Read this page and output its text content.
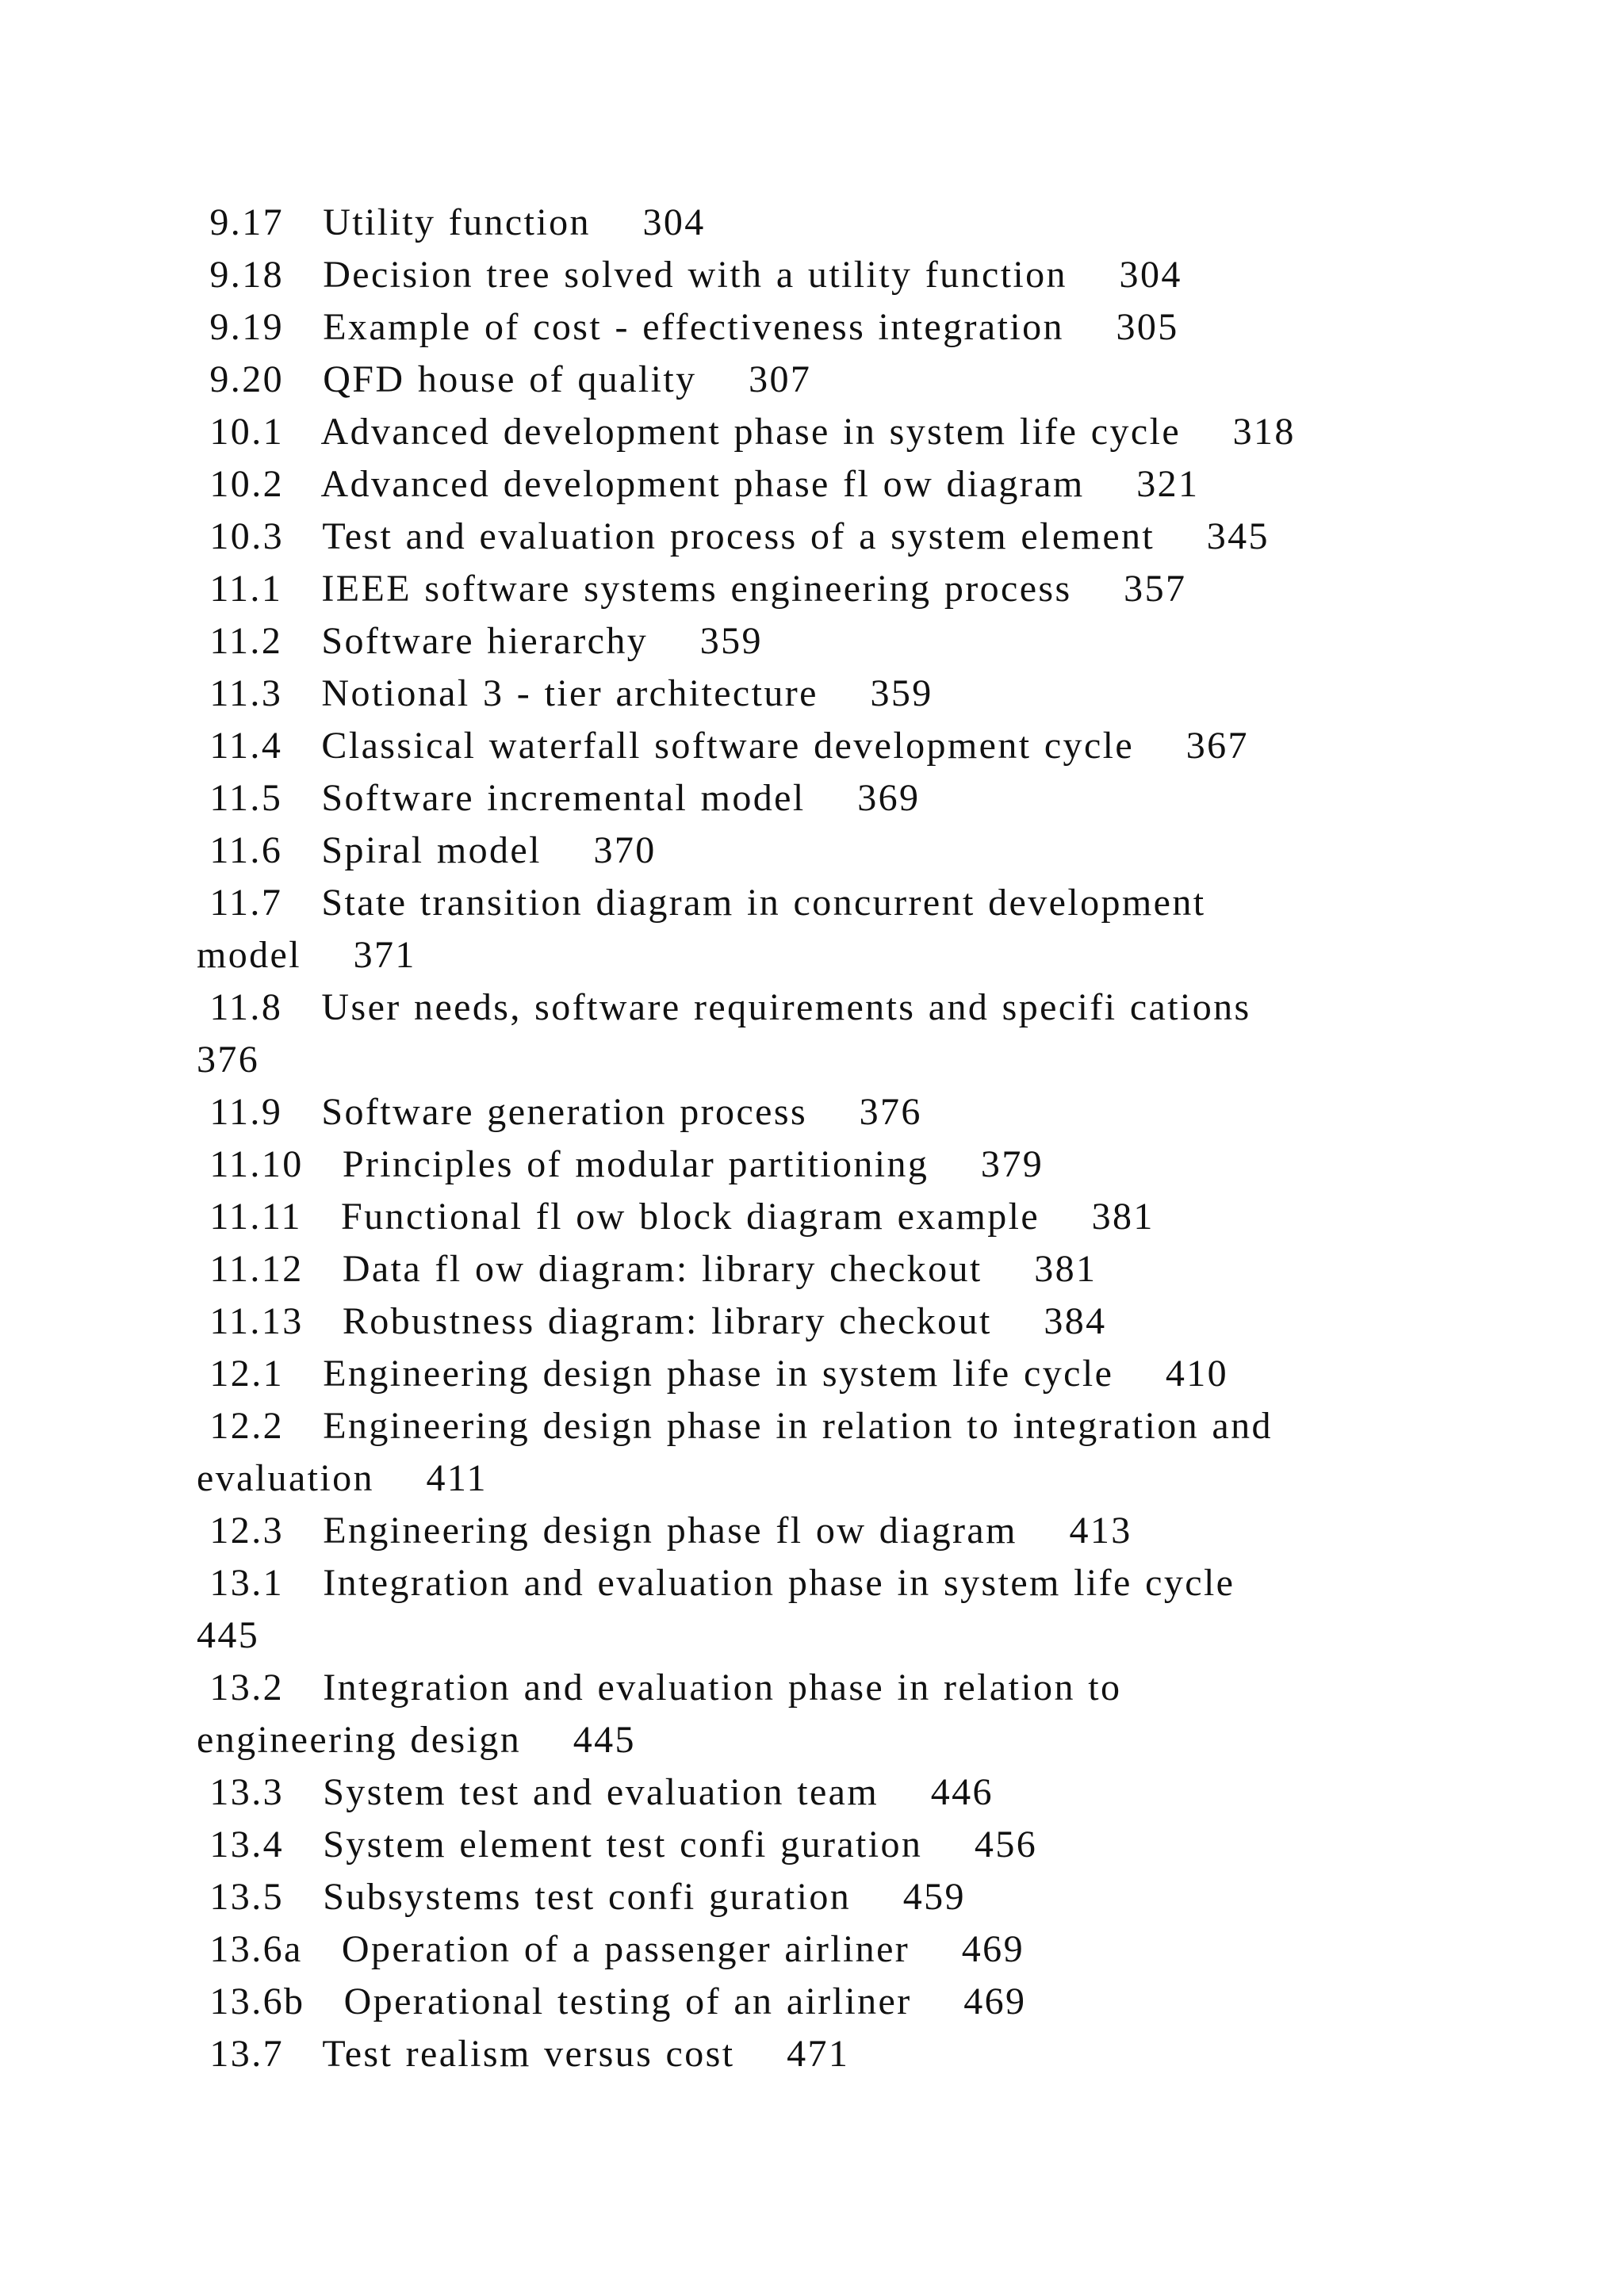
9.17   Utility function    304

9.18   Decision tree solved with a utility function    304

9.19   Example of cost - effectiveness integration    305

9.20   QFD house of quality    307

10.1   Advanced development phase in system life cycle    318

10.2   Advanced development phase fl ow diagram    321

10.3   Test and evaluation process of a system element    345

11.1   IEEE software systems engineering process    357

11.2   Software hierarchy    359

11.3   Notional 3 - tier architecture    359

11.4   Classical waterfall software development cycle    367

11.5   Software incremental model    369

11.6   Spiral model    370

11.7   State transition diagram in concurrent development

model    371

11.8   User needs, software requirements and specifi cations

376

11.9   Software generation process    376

11.10   Principles of modular partitioning    379

11.11   Functional fl ow block diagram example    381

11.12   Data fl ow diagram: library checkout    381

11.13   Robustness diagram: library checkout    384

12.1   Engineering design phase in system life cycle    410

12.2   Engineering design phase in relation to integration and

evaluation    411

12.3   Engineering design phase fl ow diagram    413

13.1   Integration and evaluation phase in system life cycle

445

13.2   Integration and evaluation phase in relation to

engineering design    445

13.3   System test and evaluation team    446

13.4   System element test confi guration    456

13.5   Subsystems test confi guration    459

13.6a   Operation of a passenger airliner    469

13.6b   Operational testing of an airliner    469

13.7   Test realism versus cost    471
